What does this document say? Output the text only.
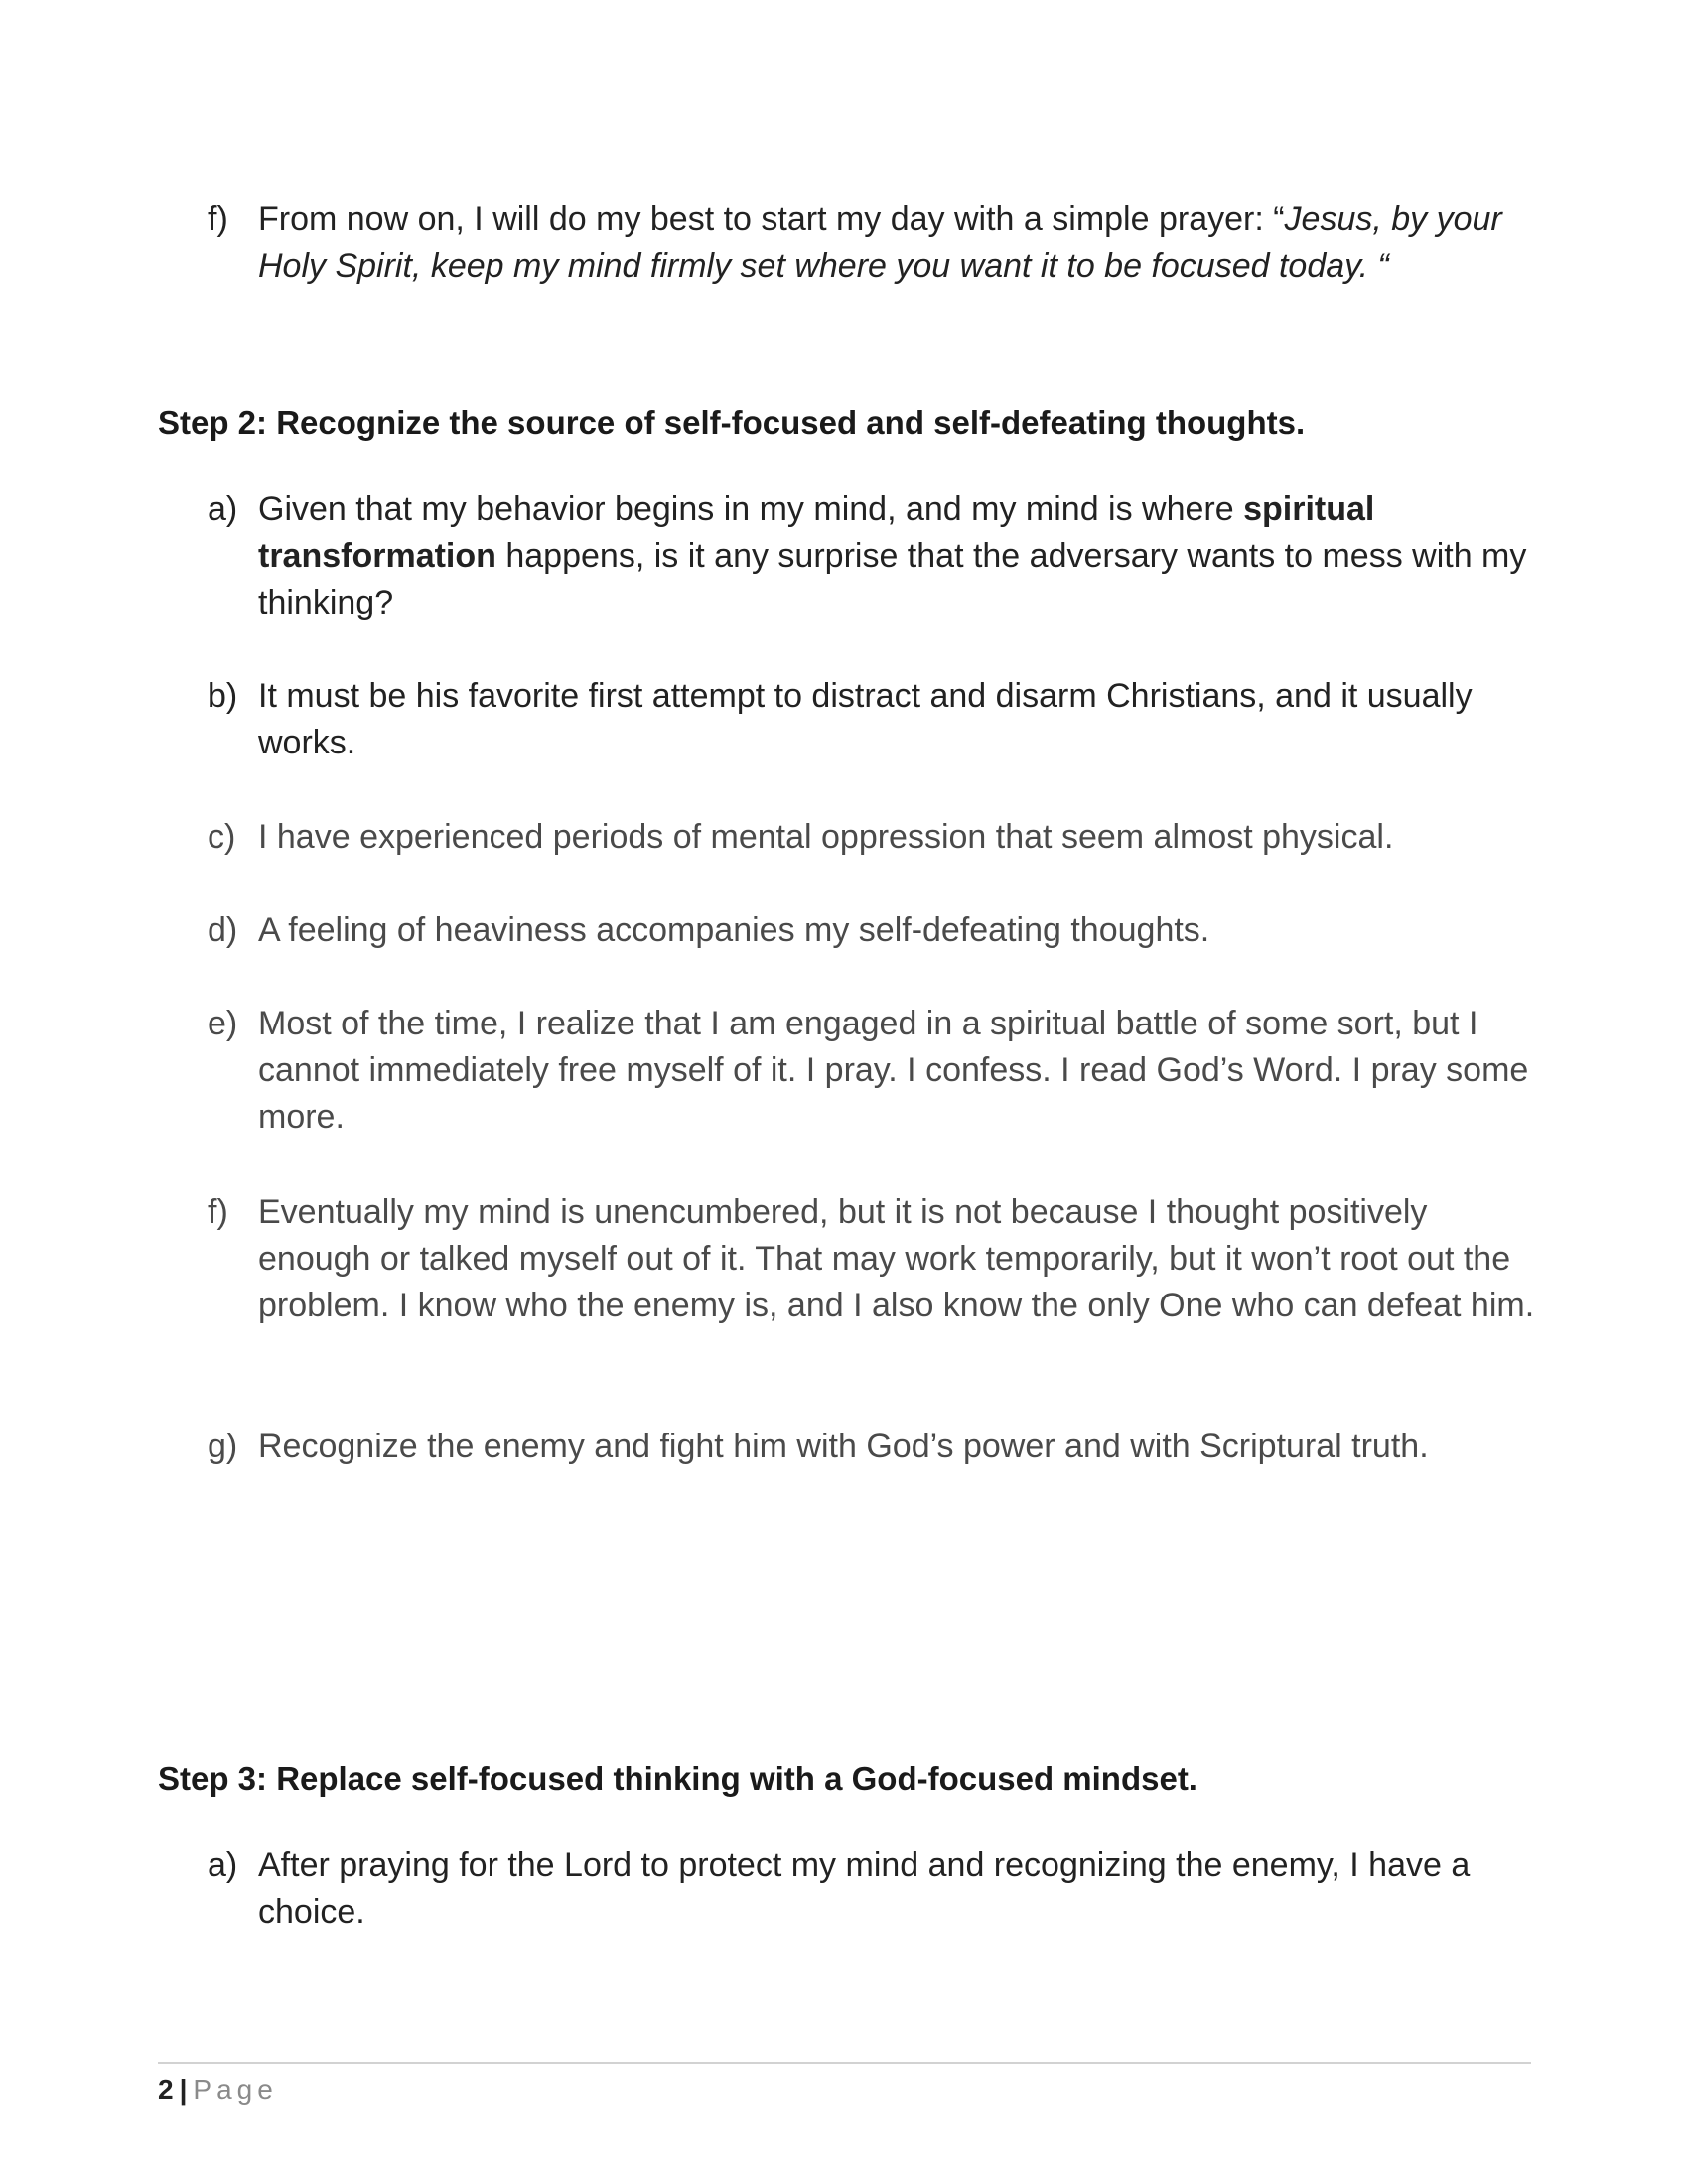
f) From now on, I will do my best to start my day with a simple prayer: “Jesus, by your Holy Spirit, keep my mind firmly set where you want it to be focused today. “
Step 2: Recognize the source of self-focused and self-defeating thoughts.
a) Given that my behavior begins in my mind, and my mind is where spiritual transformation happens, is it any surprise that the adversary wants to mess with my thinking?
b) It must be his favorite first attempt to distract and disarm Christians, and it usually works.
c) I have experienced periods of mental oppression that seem almost physical.
d) A feeling of heaviness accompanies my self-defeating thoughts.
e) Most of the time, I realize that I am engaged in a spiritual battle of some sort, but I cannot immediately free myself of it. I pray. I confess. I read God’s Word. I pray some more.
f) Eventually my mind is unencumbered, but it is not because I thought positively enough or talked myself out of it. That may work temporarily, but it won’t root out the problem. I know who the enemy is, and I also know the only One who can defeat him.
g) Recognize the enemy and fight him with God’s power and with Scriptural truth.
Step 3: Replace self-focused thinking with a God-focused mindset.
a) After praying for the Lord to protect my mind and recognizing the enemy, I have a choice.
2 | Page
